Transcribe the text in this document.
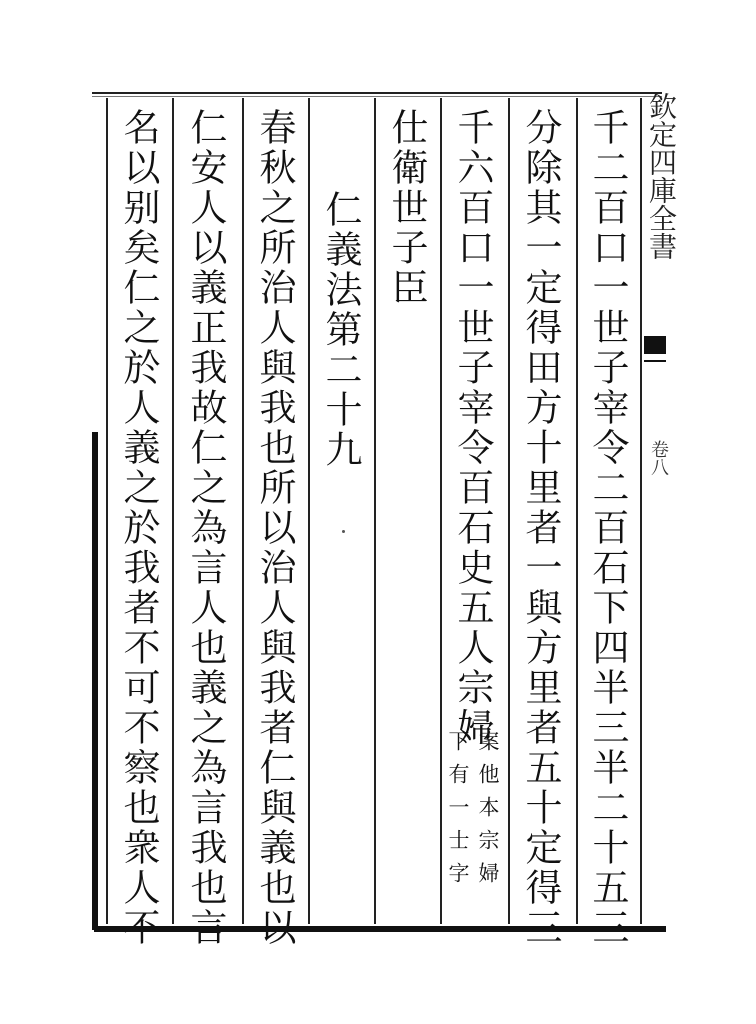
欽定四庫全書
卷八
千二百口一世子宰令二百石下四半三半二十五三
分除其一定得田方十里者一與方里者五十定得三
千六百口一世子宰令百石史五人宗婦
案他本宗婦
下有一士字
仕衛世子臣
仁義法第二十九
春秋之所治人與我也所以治人與我者仁與義也以
仁安人以義正我故仁之為言人也義之為言我也言
名以别矣仁之於人義之於我者不可不察也衆人不
